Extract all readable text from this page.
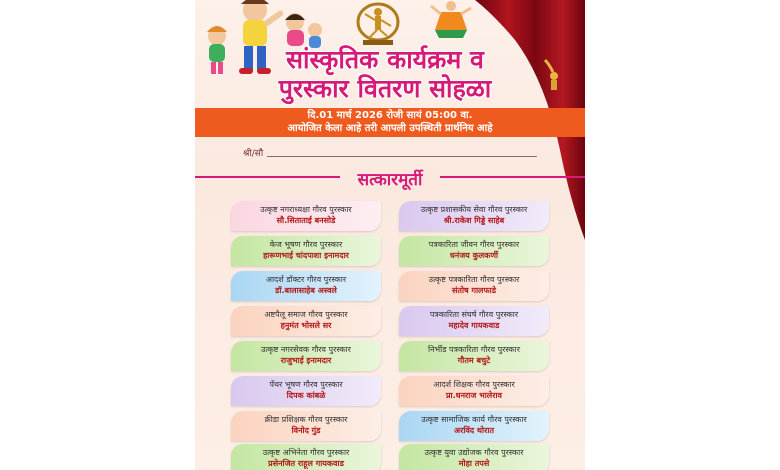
सांस्कृतिक कार्यक्रम व
पुरस्कार वितरण सोहळा
दि.01 मार्च 2026 रोजी सायं 05:00 वा.
आयोजित केला आहे तरी आपली उपस्थिती प्रार्थनिय आहे
श्री/सौ
सत्कारमूर्ती
उत्कृष्ट नगराध्यक्षा गौरव पुरस्कार
सौ.सिताताई बनसोडे
केज भूषण गौरव पुरस्कार
हारूणभाई चांदपाशा इनामदार
आदर्श डॉक्टर गौरव पुरस्कार
डॉ.बालासाहेब अस्वले
अष्टपैलू समाज गौरव पुरस्कार
हनुमंत भोसले सर
उत्कृष्ट नगरसेवक गौरव पुरस्कार
राजुभाई इनामदार
पँथर भूषण गौरव पुरस्कार
दिपक कांबळे
क्रीडा प्रशिक्षक गौरव पुरस्कार
विनोद गुंड
उत्कृष्ट अभिनेता गौरव पुरस्कार
प्रसेनजित राहूल गायकवाड
उत्कृष्ट प्रशासकीय सेवा गौरव पुरस्कार
श्री.राकेश गिड्डे साहेब
पत्रकारिता जीवन गौरव पुरस्कार
धनंजय कुलकर्णी
उत्कृष्ट पत्रकारिता गौरव पुरस्कार
संतोष गालफाडे
पत्रकारिता संघर्ष गौरव पुरस्कार
महादेव गायकवाड
निर्भीड पत्रकारिता गौरव पुरस्कार
गौतम बचुटे
आदर्श शिक्षक गौरव पुरस्कार
प्रा.धनराज भालेराव
उत्कृष्ट सामाजिक कार्य गौरव पुरस्कार
अरविंद थोरात
उत्कृष्ट युवा उद्योजक गौरव पुरस्कार
मोहा तपसे
